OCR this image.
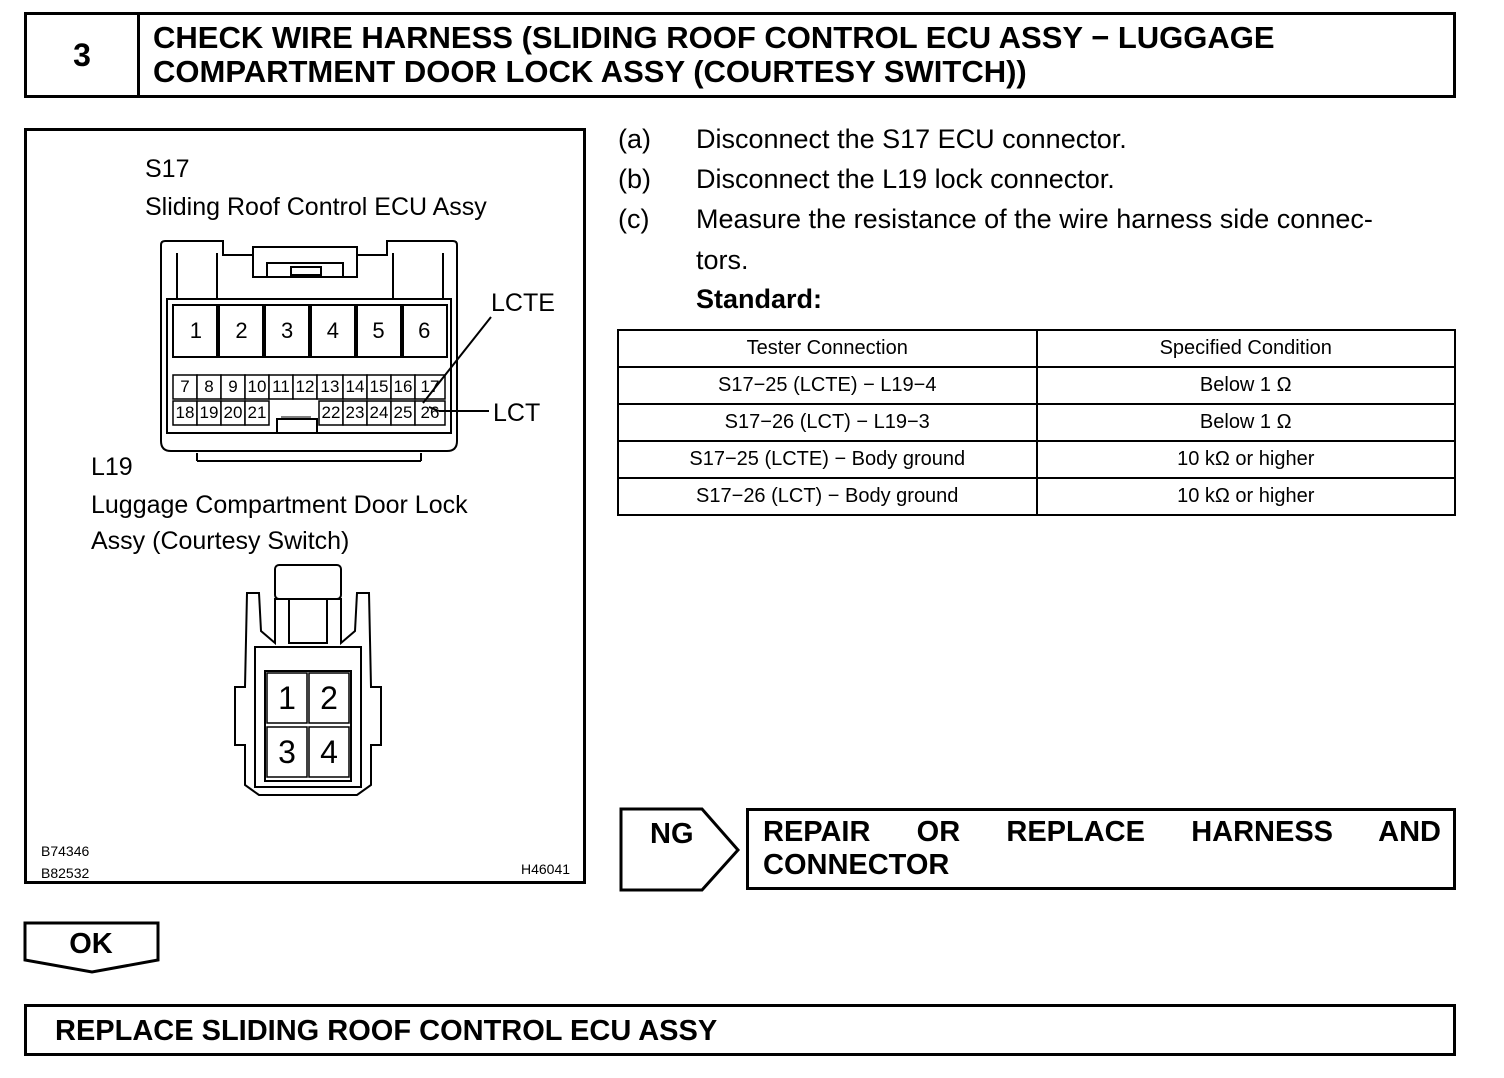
3	CHECK WIRE HARNESS (SLIDING ROOF CONTROL ECU ASSY − LUGGAGE
COMPARTMENT DOOR LOCK ASSY (COURTESY SWITCH))
S17
Sliding Roof Control ECU Assy
1	2	3	4	5	6
7 8 9 10 11 12 13 14 15 16 17
18 19 20 21	22 23 24 25 26
LCTE
LCT
L19
Luggage Compartment Door Lock
Assy (Courtesy Switch)
1 2
3 4
B74346
B82532	H46041
(a) Disconnect the S17 ECU connector.
(b) Disconnect the L19 lock connector.
(c) Measure the resistance of the wire harness side connec-
tors.
Standard:
Tester Connection	Specified Condition
S17−25 (LCTE) − L19−4	Below 1 Ω
S17−26 (LCT) − L19−3	Below 1 Ω
S17−25 (LCTE) − Body ground	10 kΩ or higher
S17−26 (LCT) − Body ground	10 kΩ or higher
NG REPAIR OR REPLACE HARNESS AND
CONNECTOR
OK
REPLACE SLIDING ROOF CONTROL ECU ASSY
